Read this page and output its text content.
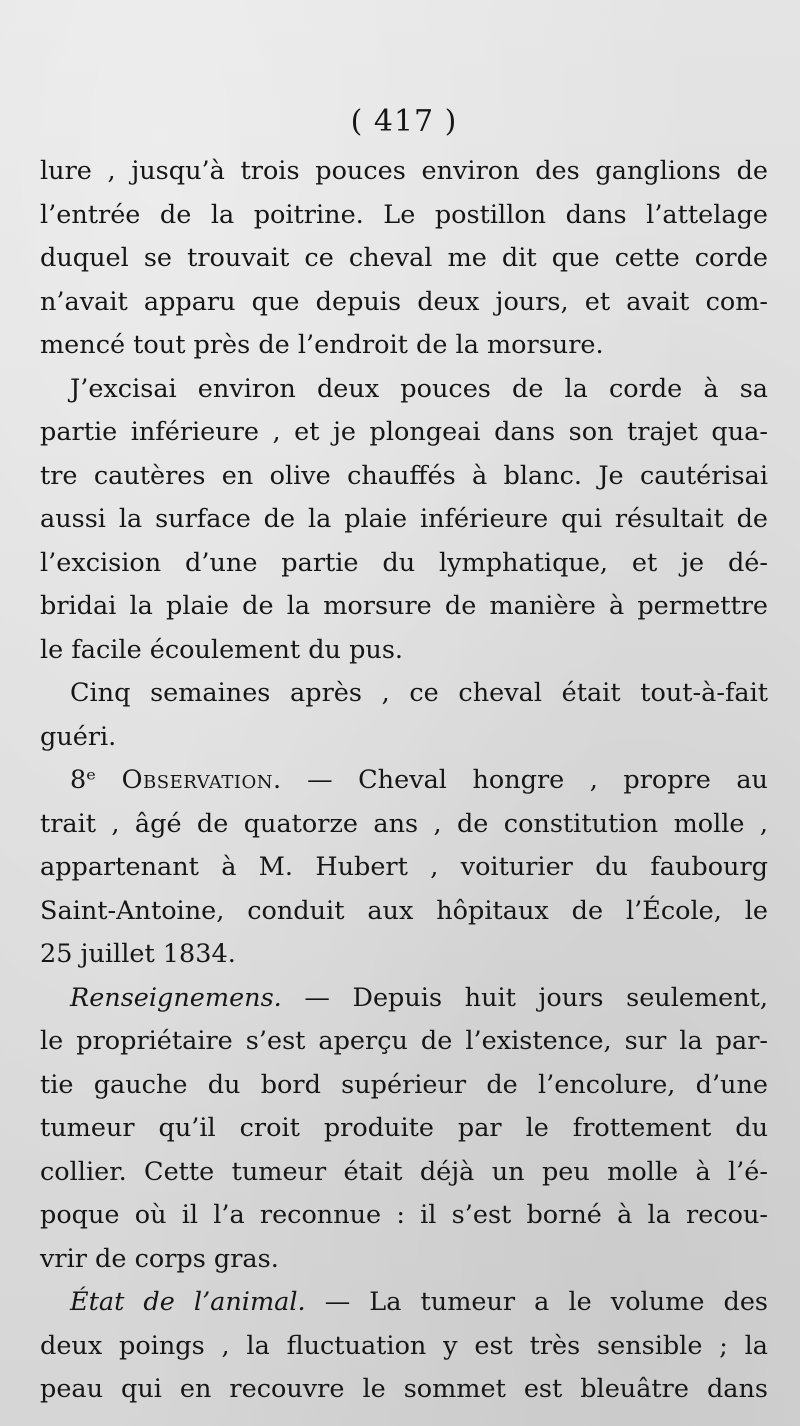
( 417 )
lure , jusqu’à trois pouces environ des ganglions de
l’entrée de la poitrine. Le postillon dans l’attelage
duquel se trouvait ce cheval me dit que cette corde
n’avait apparu que depuis deux jours, et avait com-
mencé tout près de l’endroit de la morsure.
J’excisai environ deux pouces de la corde à sa
partie inférieure , et je plongeai dans son trajet qua-
tre cautères en olive chauffés à blanc. Je cautérisai
aussi la surface de la plaie inférieure qui résultait de
l’excision d’une partie du lymphatique, et je dé-
bridai la plaie de la morsure de manière à permettre
le facile écoulement du pus.
Cinq semaines après , ce cheval était tout-à-fait
guéri.
8ᵉ Observation. — Cheval hongre , propre au
trait , âgé de quatorze ans , de constitution molle ,
appartenant à M. Hubert , voiturier du faubourg
Saint-Antoine, conduit aux hôpitaux de l’École, le
25 juillet 1834.
Renseignemens. — Depuis huit jours seulement,
le propriétaire s’est aperçu de l’existence, sur la par-
tie gauche du bord supérieur de l’encolure, d’une
tumeur qu’il croit produite par le frottement du
collier. Cette tumeur était déjà un peu molle à l’é-
poque où il l’a reconnue : il s’est borné à la recou-
vrir de corps gras.
État de l’animal. — La tumeur a le volume des
deux poings , la fluctuation y est très sensible ; la
peau qui en recouvre le sommet est bleuâtre dans
